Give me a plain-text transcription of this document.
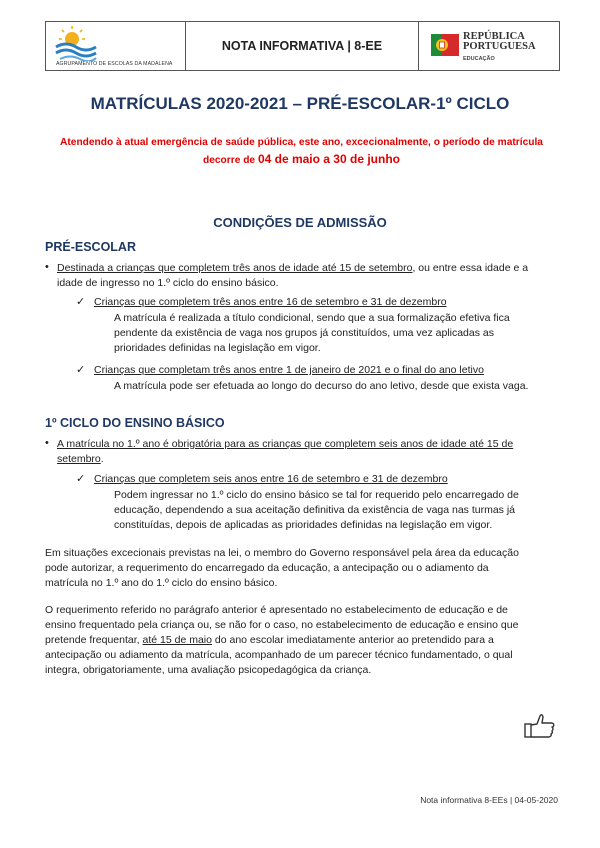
AGRUPAMENTO DE ESCOLAS DA MADALENA
NOTA INFORMATIVA | 8-EE
REPÚBLICA
PORTUGUESA
EDUCAÇÃO
MATRÍCULAS 2020-2021 – PRÉ-ESCOLAR-1º CICLO
Atendendo à atual emergência de saúde pública, este ano, excecionalmente, o período de matrícula
decorre de 04 de maio a 30 de junho
CONDIÇÕES DE ADMISSÃO
PRÉ-ESCOLAR
• Destinada a crianças que completem três anos de idade até 15 de setembro, ou entre essa idade e a
idade de ingresso no 1.º ciclo do ensino básico.
✓ Crianças que completem três anos entre 16 de setembro e 31 de dezembro
A matrícula é realizada a título condicional, sendo que a sua formalização efetiva fica
pendente da existência de vaga nos grupos já constituídos, uma vez aplicadas as
prioridades definidas na legislação em vigor.
✓ Crianças que completam três anos entre 1 de janeiro de 2021 e o final do ano letivo
A matrícula pode ser efetuada ao longo do decurso do ano letivo, desde que exista vaga.
1º CICLO DO ENSINO BÁSICO
• A matrícula no 1.º ano é obrigatória para as crianças que completem seis anos de idade até 15 de
setembro.
✓ Crianças que completem seis anos entre 16 de setembro e 31 de dezembro
Podem ingressar no 1.º ciclo do ensino básico se tal for requerido pelo encarregado de
educação, dependendo a sua aceitação definitiva da existência de vaga nas turmas já
constituídas, depois de aplicadas as prioridades definidas na legislação em vigor.
Em situações excecionais previstas na lei, o membro do Governo responsável pela área da educação
pode autorizar, a requerimento do encarregado da educação, a antecipação ou o adiamento da
matrícula no 1.º ano do 1.º ciclo do ensino básico.
O requerimento referido no parágrafo anterior é apresentado no estabelecimento de educação e de
ensino frequentado pela criança ou, se não for o caso, no estabelecimento de educação e ensino que
pretende frequentar, até 15 de maio do ano escolar imediatamente anterior ao pretendido para a
antecipação ou adiamento da matrícula, acompanhado de um parecer técnico fundamentado, o qual
integra, obrigatoriamente, uma avaliação psicopedagógica da criança.
Nota informativa 8-EEs | 04-05-2020
